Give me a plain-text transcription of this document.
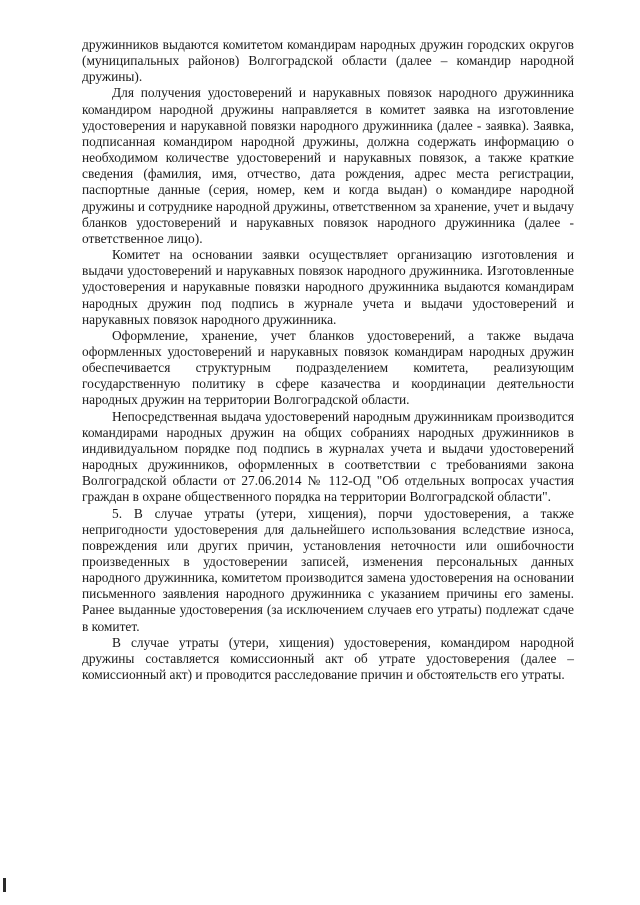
дружинников выдаются комитетом командирам народных дружин городских округов (муниципальных районов) Волгоградской области (далее – командир народной дружины).

Для получения удостоверений и нарукавных повязок народного дружинника командиром народной дружины направляется в комитет заявка на изготовление удостоверения и нарукавной повязки народного дружинника (далее - заявка). Заявка, подписанная командиром народной дружины, должна содержать информацию о необходимом количестве удостоверений и нарукавных повязок, а также краткие сведения (фамилия, имя, отчество, дата рождения, адрес места регистрации, паспортные данные (серия, номер, кем и когда выдан) о командире народной дружины и сотруднике народной дружины, ответственном за хранение, учет и выдачу бланков удостоверений и нарукавных повязок народного дружинника (далее - ответственное лицо).

Комитет на основании заявки осуществляет организацию изготовления и выдачи удостоверений и нарукавных повязок народного дружинника. Изготовленные удостоверения и нарукавные повязки народного дружинника выдаются командирам народных дружин под подпись в журнале учета и выдачи удостоверений и нарукавных повязок народного дружинника.

Оформление, хранение, учет бланков удостоверений, а также выдача оформленных удостоверений и нарукавных повязок командирам народных дружин обеспечивается структурным подразделением комитета, реализующим государственную политику в сфере казачества и координации деятельности народных дружин на территории Волгоградской области.

Непосредственная выдача удостоверений народным дружинникам производится командирами народных дружин на общих собраниях народных дружинников в индивидуальном порядке под подпись в журналах учета и выдачи удостоверений народных дружинников, оформленных в соответствии с требованиями закона Волгоградской области от 27.06.2014 № 112-ОД "Об отдельных вопросах участия граждан в охране общественного порядка на территории Волгоградской области".

5. В случае утраты (утери, хищения), порчи удостоверения, а также непригодности удостоверения для дальнейшего использования вследствие износа, повреждения или других причин, установления неточности или ошибочности произведенных в удостоверении записей, изменения персональных данных народного дружинника, комитетом производится замена удостоверения на основании письменного заявления народного дружинника с указанием причины его замены. Ранее выданные удостоверения (за исключением случаев его утраты) подлежат сдаче в комитет.

В случае утраты (утери, хищения) удостоверения, командиром народной дружины составляется комиссионный акт об утрате удостоверения (далее – комиссионный акт) и проводится расследование причин и обстоятельств его утраты.
